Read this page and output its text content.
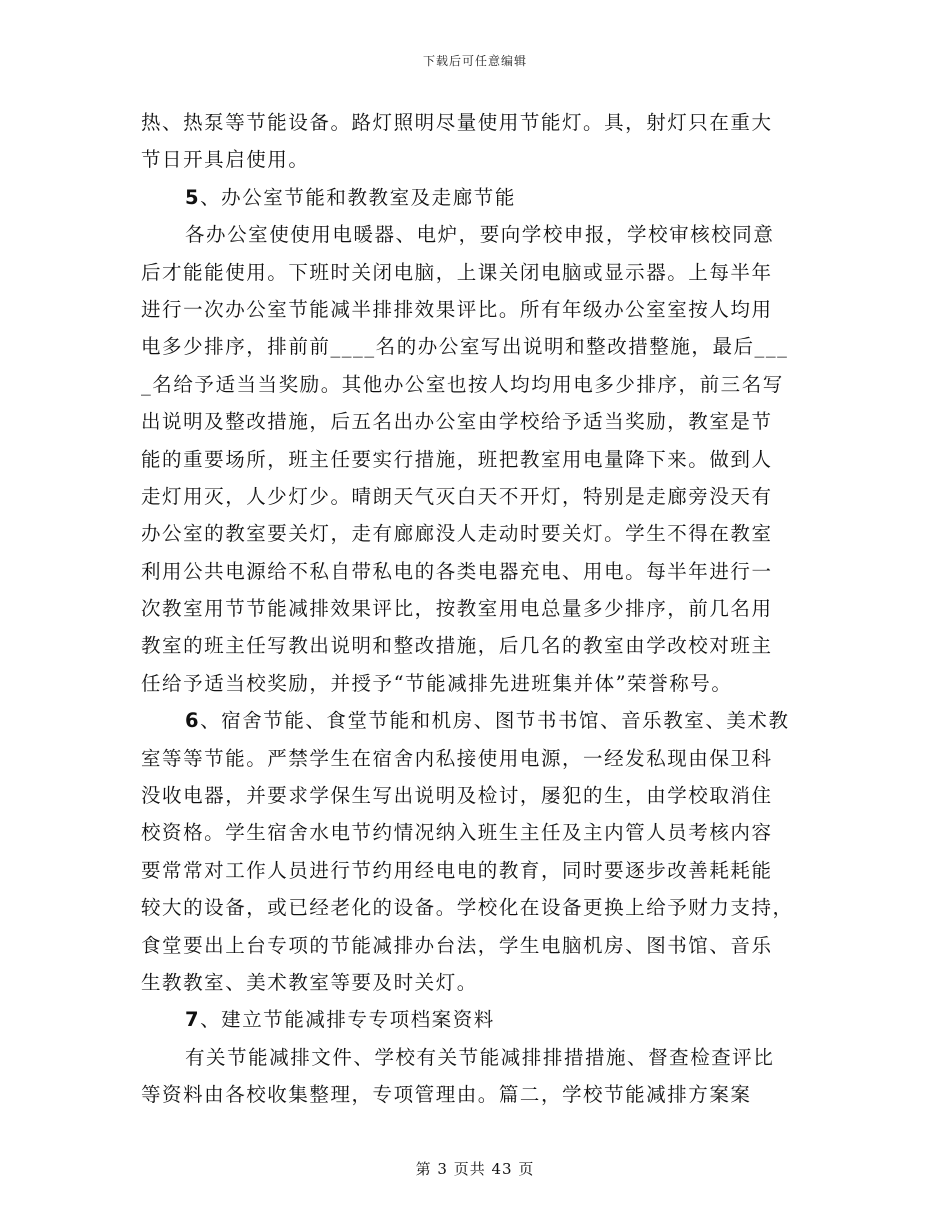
下载后可任意编辑
热、热泵等节能设备。路灯照明尽量使用节能灯。具，射灯只在重大
节日开具启使用。
5、办公室节能和教教室及走廊节能
各办公室使使用电暖器、电炉，要向学校申报，学校审核校同意
后才能能使用。下班时关闭电脑，上课关闭电脑或显示器。上每半年
进行一次办公室节能减半排排效果评比。所有年级办公室室按人均用
电多少排序，排前前____名的办公室写出说明和整改措整施，最后___
_名给予适当当奖励。其他办公室也按人均均用电多少排序，前三名写
出说明及整改措施，后五名出办公室由学校给予适当奖励，教室是节
能的重要场所，班主任要实行措施，班把教室用电量降下来。做到人
走灯用灭，人少灯少。晴朗天气灭白天不开灯，特别是走廊旁没天有
办公室的教室要关灯，走有廊廊没人走动时要关灯。学生不得在教室
利用公共电源给不私自带私电的各类电器充电、用电。每半年进行一
次教室用节节能减排效果评比，按教室用电总量多少排序，前几名用
教室的班主任写教出说明和整改措施，后几名的教室由学改校对班主
任给予适当校奖励，并授予“节能减排先进班集并体”荣誉称号。
6、宿舍节能、食堂节能和机房、图节书书馆、音乐教室、美术教
室等等节能。严禁学生在宿舍内私接使用电源，一经发私现由保卫科
没收电器，并要求学保生写出说明及检讨，屡犯的生，由学校取消住
校资格。学生宿舍水电节约情况纳入班生主任及主内管人员考核内容
要常常对工作人员进行节约用经电电的教育，同时要逐步改善耗耗能
较大的设备，或已经老化的设备。学校化在设备更换上给予财力支持，
食堂要出上台专项的节能减排办台法，学生电脑机房、图书馆、音乐
生教教室、美术教室等要及时关灯。
7、建立节能减排专专项档案资料
有关节能减排文件、学校有关节能减排排措措施、督查检查评比
等资料由各校收集整理，专项管理由。篇二，学校节能减排方案案
第 3 页共 43 页
